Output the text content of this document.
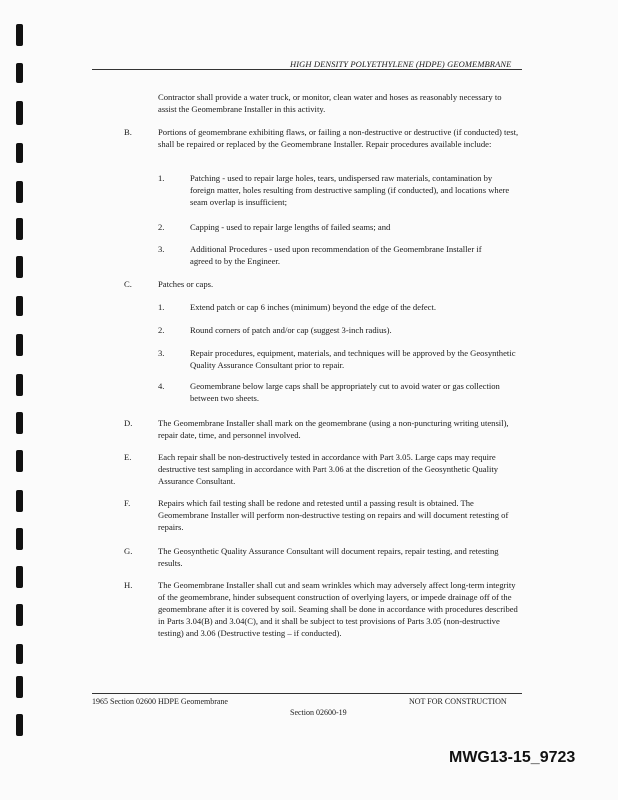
HIGH DENSITY POLYETHYLENE (HDPE) GEOMEMBRANE
Contractor shall provide a water truck, or monitor, clean water and hoses as reasonably necessary to assist the Geomembrane Installer in this activity.
B.	Portions of geomembrane exhibiting flaws, or failing a non-destructive or destructive (if conducted) test, shall be repaired or replaced by the Geomembrane Installer. Repair procedures available include:
1.	Patching - used to repair large holes, tears, undispersed raw materials, contamination by foreign matter, holes resulting from destructive sampling (if conducted), and locations where seam overlap is insufficient;
2.	Capping - used to repair large lengths of failed seams; and
3.	Additional Procedures - used upon recommendation of the Geomembrane Installer if agreed to by the Engineer.
C.	Patches or caps.
1.	Extend patch or cap 6 inches (minimum) beyond the edge of the defect.
2.	Round corners of patch and/or cap (suggest 3-inch radius).
3.	Repair procedures, equipment, materials, and techniques will be approved by the Geosynthetic Quality Assurance Consultant prior to repair.
4.	Geomembrane below large caps shall be appropriately cut to avoid water or gas collection between two sheets.
D.	The Geomembrane Installer shall mark on the geomembrane (using a non-puncturing writing utensil), repair date, time, and personnel involved.
E.	Each repair shall be non-destructively tested in accordance with Part 3.05. Large caps may require destructive test sampling in accordance with Part 3.06 at the discretion of the Geosynthetic Quality Assurance Consultant.
F.	Repairs which fail testing shall be redone and retested until a passing result is obtained. The Geomembrane Installer will perform non-destructive testing on repairs and will document retesting of repairs.
G.	The Geosynthetic Quality Assurance Consultant will document repairs, repair testing, and retesting results.
H.	The Geomembrane Installer shall cut and seam wrinkles which may adversely affect long-term integrity of the geomembrane, hinder subsequent construction of overlying layers, or impede drainage off of the geomembrane after it is covered by soil. Seaming shall be done in accordance with procedures described in Parts 3.04(B) and 3.04(C), and it shall be subject to test provisions of Parts 3.05 (non-destructive testing) and 3.06 (Destructive testing – if conducted).
1965 Section 02600 HDPE Geomembrane	NOT FOR CONSTRUCTION
Section 02600-19
MWG13-15_9723
